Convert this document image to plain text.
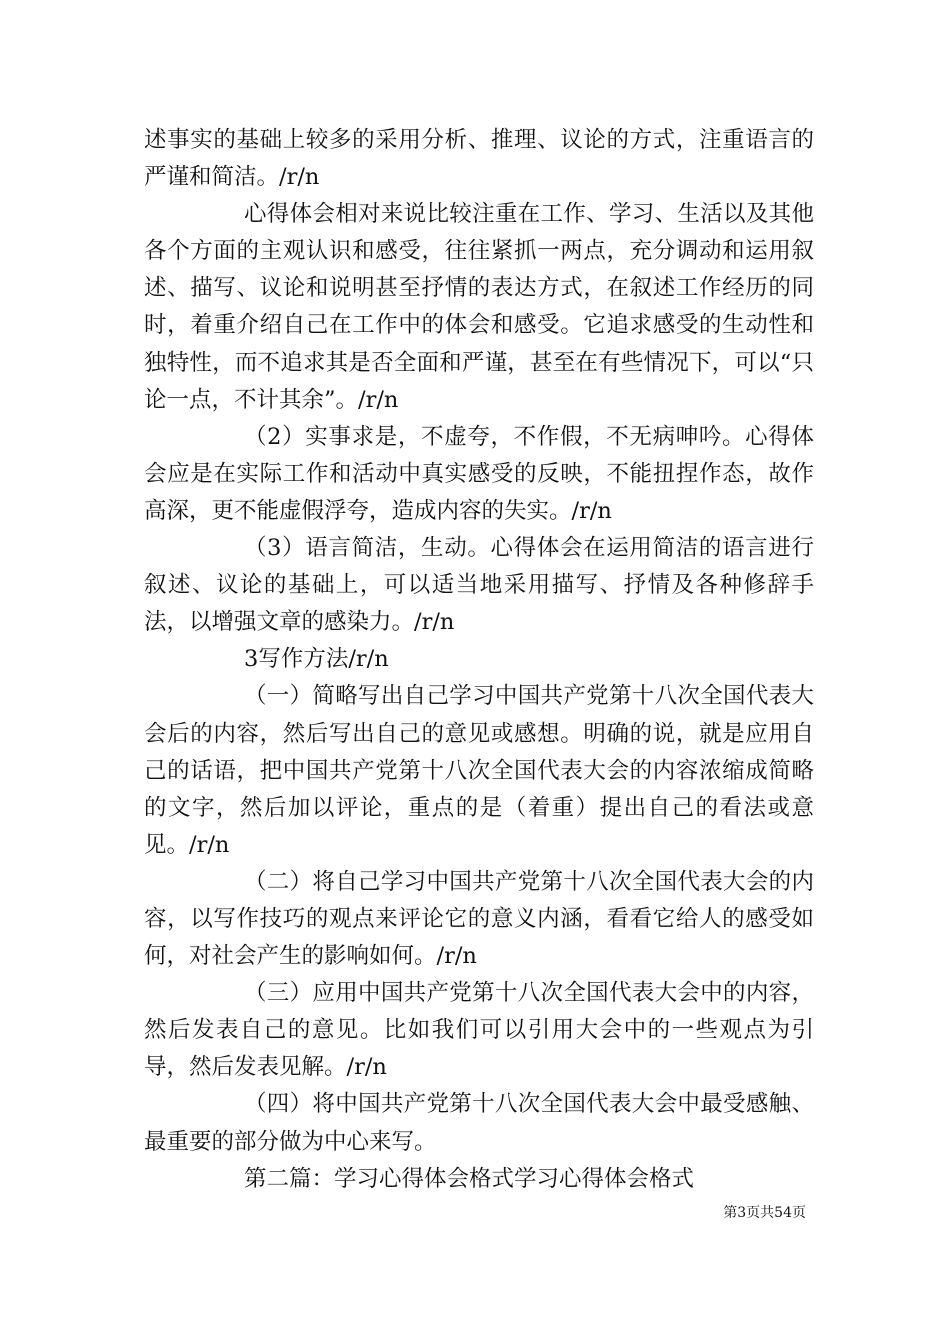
述事实的基础上较多的采用分析、推理、议论的方式，注重语言的严谨和简洁。/r/n

心得体会相对来说比较注重在工作、学习、生活以及其他各个方面的主观认识和感受，往往紧抓一两点，充分调动和运用叙述、描写、议论和说明甚至抒情的表达方式，在叙述工作经历的同时，着重介绍自己在工作中的体会和感受。它追求感受的生动性和独特性，而不追求其是否全面和严谨，甚至在有些情况下，可以“只论一点，不计其余”。/r/n

（2）实事求是，不虚夸，不作假，不无病呻吟。心得体会应是在实际工作和活动中真实感受的反映，不能扭捏作态，故作高深，更不能虚假浮夸，造成内容的失实。/r/n

（3）语言简洁，生动。心得体会在运用简洁的语言进行叙述、议论的基础上，可以适当地采用描写、抒情及各种修辞手法，以增强文章的感染力。/r/n

3写作方法/r/n

（一）简略写出自己学习中国共产党第十八次全国代表大会后的内容，然后写出自己的意见或感想。明确的说，就是应用自己的话语，把中国共产党第十八次全国代表大会的内容浓缩成简略的文字，然后加以评论，重点的是（着重）提出自己的看法或意见。/r/n

（二）将自己学习中国共产党第十八次全国代表大会的内容，以写作技巧的观点来评论它的意义内涵，看看它给人的感受如何，对社会产生的影响如何。/r/n

（三）应用中国共产党第十八次全国代表大会中的内容，然后发表自己的意见。比如我们可以引用大会中的一些观点为引导，然后发表见解。/r/n

（四）将中国共产党第十八次全国代表大会中最受感触、最重要的部分做为中心来写。

第二篇：学习心得体会格式学习心得体会格式

第3页共54页
